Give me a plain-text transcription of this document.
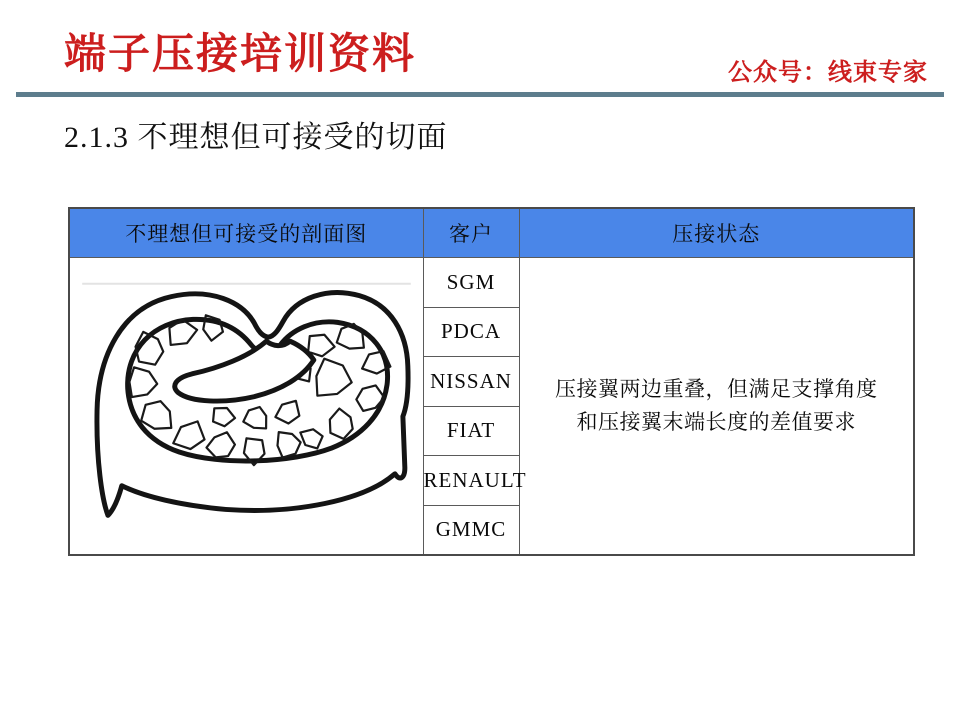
端子压接培训资料	公众号：线束专家
2.1.3 不理想但可接受的切面
不理想但可接受的剖面图	客户	压接状态

	SGM	压接翼两边重叠，但满足支撑角度
和压接翼末端长度的差值要求

	PDCA	
	NISSAN	
	FIAT	
	RENAULT	
	GMMC	
